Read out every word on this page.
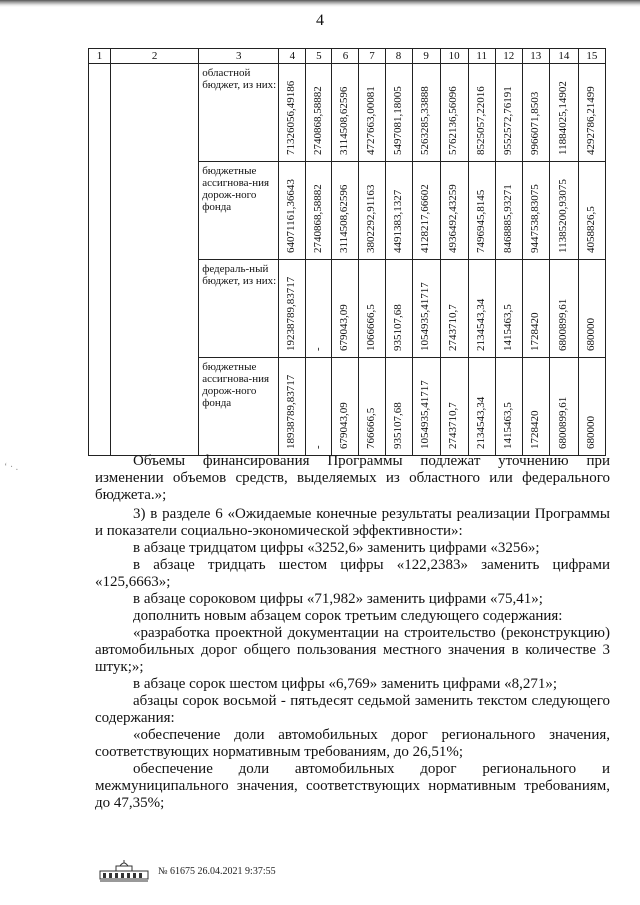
4
‘ · .
1	2	3	4	5	6	7	8	9	10	11	12	13	14	15
		областной бюджет, из них:	71326056,49186	2740868,58882	3114508,62596	4727663,00081	5497081,18005	5263285,33888	5762136,56096	8525057,22016	9552572,76191	9966071,8503	11884025,14902	4292786,21499

		бюджетные ассигнова-ния дорож-ного фонда	64071161,36643	2740868,58882	3114508,62596	3802292,91163	4491383,1327	4128217,66602	4936492,43259	7496945,8145	8468885,93271	9447538,83075	11385200,93075	4058826,5

		федераль-ный бюджет, из них:	19238789,83717	-	679043,09	1066666,5	935107,68	1054935,41717	2743710,7	2134543,34	1415463,5	1728420	6800899,61	680000

		бюджетные ассигнова-ния дорож-ного фонда	18938789,83717	-	679043,09	766666,5	935107,68	1054935,41717	2743710,7	2134543,34	1415463,5	1728420	6800899,61	680000

Объемы финансирования Программы подлежат уточнению при изменении объемов средств, выделяемых из областного или федерального бюджета.»;

3) в разделе 6 «Ожидаемые конечные результаты реализации Программы и показатели социально-экономической эффективности»:

в абзаце тридцатом цифры «3252,6» заменить цифрами «3256»;

в абзаце тридцать шестом цифры «122,2383» заменить цифрами «125,6663»;

в абзаце сороковом цифры «71,982» заменить цифрами «75,41»;

дополнить новым абзацем сорок третьим следующего содержания:

«разработка проектной документации на строительство (реконструкцию) автомобильных дорог общего пользования местного значения в количестве 3 штук;»;

в абзаце сорок шестом цифры «6,769» заменить цифрами «8,271»;

абзацы сорок восьмой - пятьдесят седьмой заменить текстом следующего содержания:

«обеспечение доли автомобильных дорог регионального значения, соответствующих нормативным требованиям, до 26,51%;

обеспечение доли автомобильных дорог регионального и межмуниципального значения, соответствующих нормативным требованиям, до 47,35%;

№ 61675 26.04.2021 9:37:55
